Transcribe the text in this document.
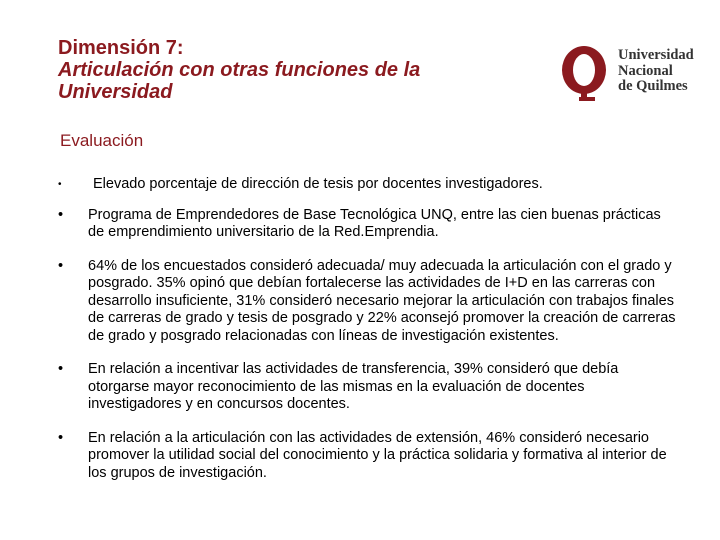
Dimensión 7:
Articulación con otras funciones de la Universidad
Universidad
Nacional
de Quilmes
Evaluación
•	Elevado porcentaje de dirección de tesis por docentes investigadores.
•	Programa de Emprendedores de Base Tecnológica UNQ, entre las cien buenas prácticas de emprendimiento universitario de la Red.Emprendia.
•	64% de los encuestados consideró adecuada/ muy adecuada la articulación con el grado y posgrado. 35% opinó que debían fortalecerse las actividades de I+D en las carreras con desarrollo insuficiente, 31% consideró necesario mejorar la articulación con trabajos finales de carreras de grado y tesis de posgrado y 22% aconsejó promover la creación de carreras de grado y posgrado relacionadas con líneas de investigación existentes.
•	En relación a incentivar las actividades de transferencia, 39% consideró que debía otorgarse mayor reconocimiento de las mismas en la evaluación de docentes investigadores y en concursos docentes.
•	En relación a la articulación con las actividades de extensión, 46% consideró necesario promover la utilidad social del conocimiento y la práctica solidaria y formativa al interior de los grupos de investigación.
